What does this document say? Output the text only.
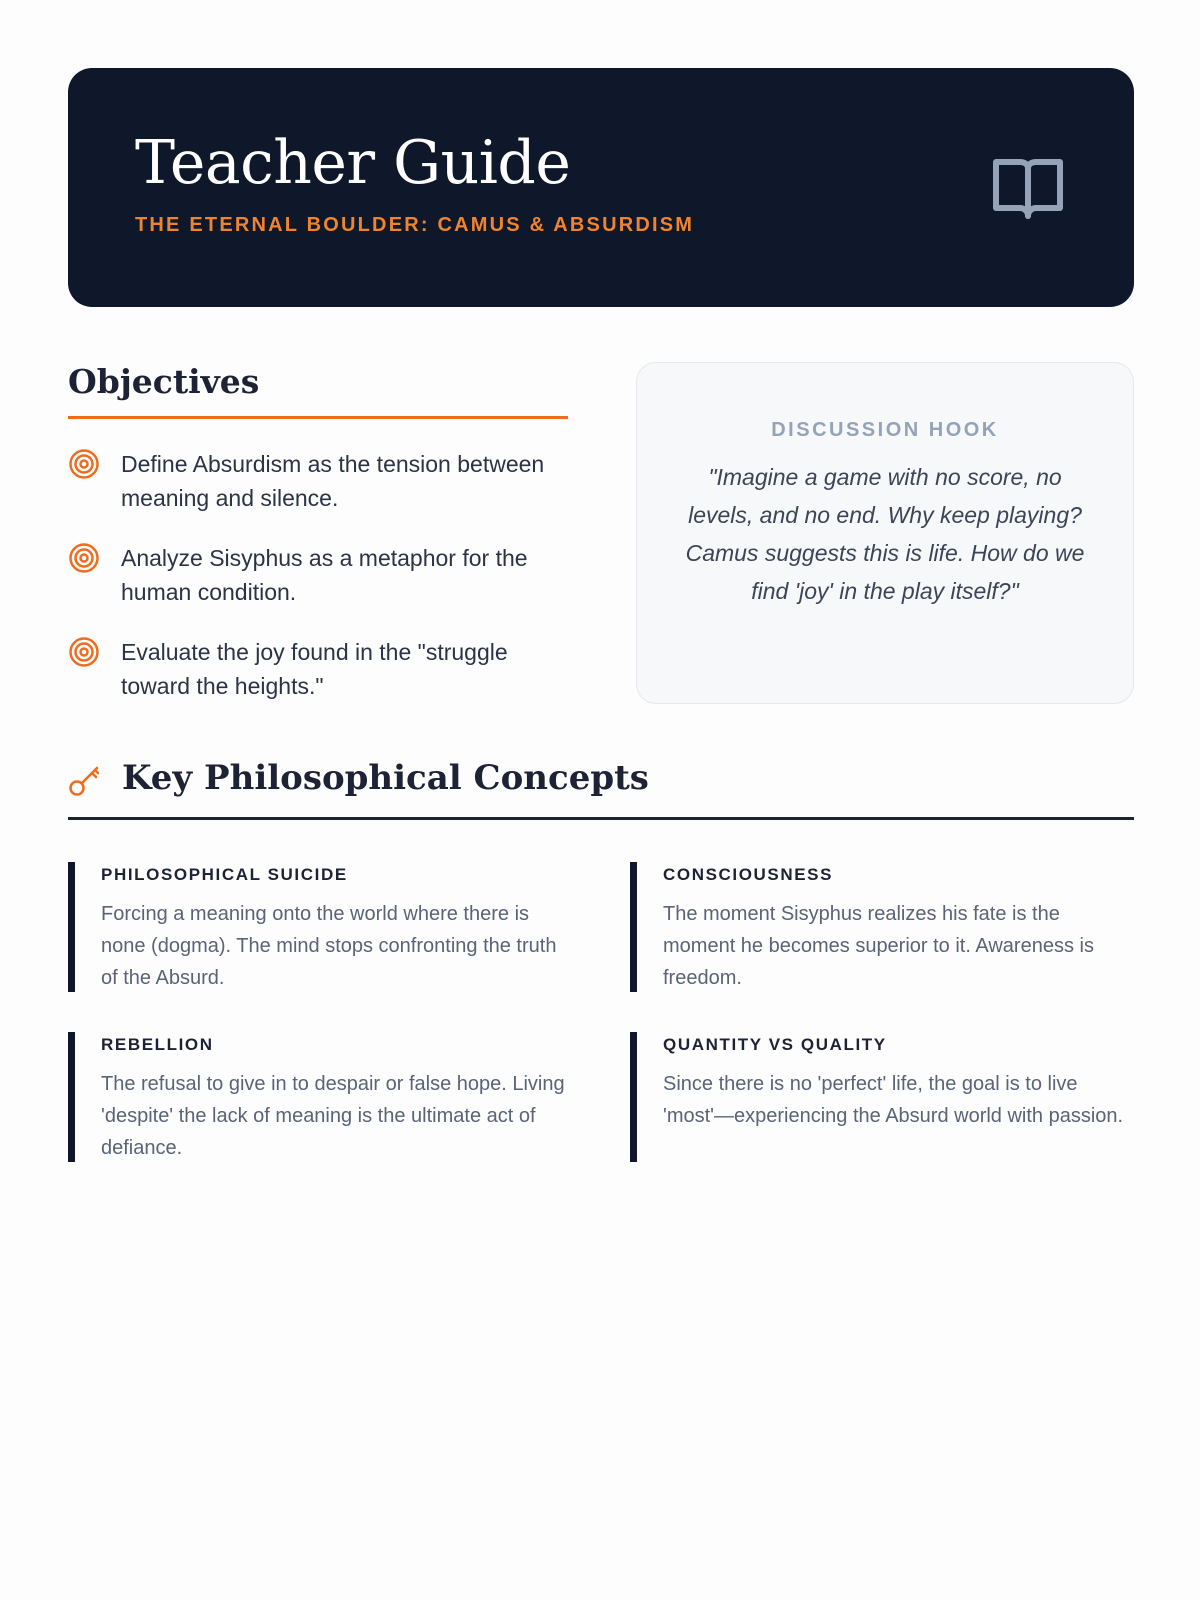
Teacher Guide
THE ETERNAL BOULDER: CAMUS & ABSURDISM
Objectives
Define Absurdism as the tension between meaning and silence.
Analyze Sisyphus as a metaphor for the human condition.
Evaluate the joy found in the "struggle toward the heights."
DISCUSSION HOOK
"Imagine a game with no score, no levels, and no end. Why keep playing? Camus suggests this is life. How do we find 'joy' in the play itself?"
Key Philosophical Concepts
PHILOSOPHICAL SUICIDE
Forcing a meaning onto the world where there is none (dogma). The mind stops confronting the truth of the Absurd.
CONSCIOUSNESS
The moment Sisyphus realizes his fate is the moment he becomes superior to it. Awareness is freedom.
REBELLION
The refusal to give in to despair or false hope. Living 'despite' the lack of meaning is the ultimate act of defiance.
QUANTITY VS QUALITY
Since there is no 'perfect' life, the goal is to live 'most'—experiencing the Absurd world with passion.
